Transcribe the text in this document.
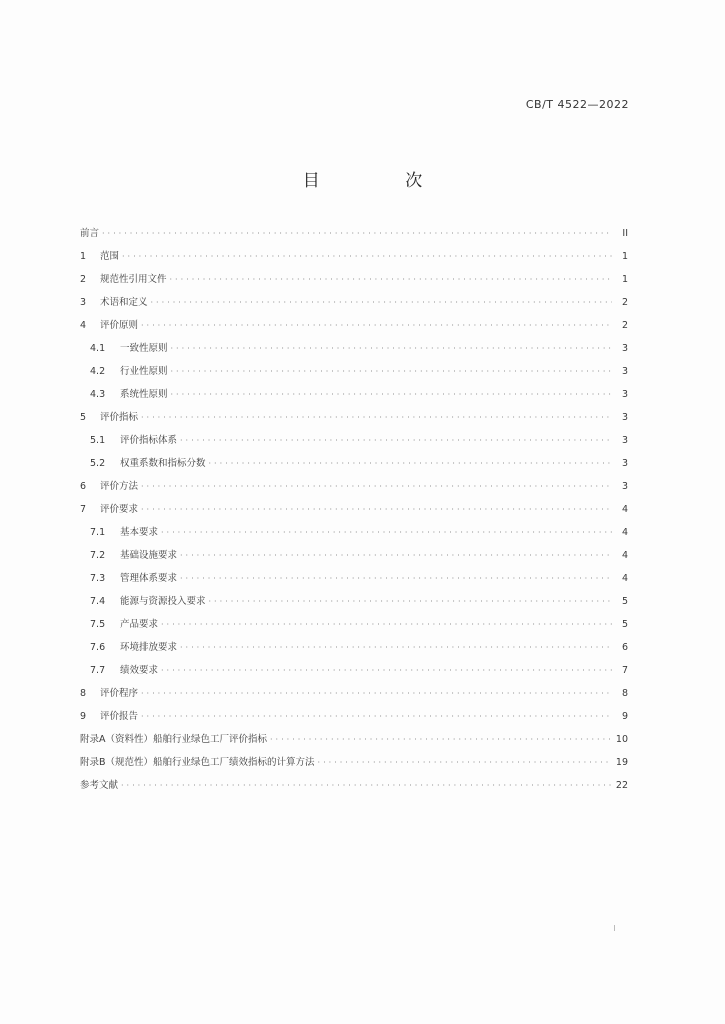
CB/T 4522—2022
目 次
前言 ·····	II
1	范围 ·····	1
2	规范性引用文件 ·····	1
3	术语和定义 ·····	2
4	评价原则 ·····	2
4.1	一致性原则 ·····	3
4.2	行业性原则 ·····	3
4.3	系统性原则 ·····	3
5	评价指标 ·····	3
5.1	评价指标体系 ·····	3
5.2	权重系数和指标分数 ·····	3
6	评价方法 ·····	3
7	评价要求 ·····	4
7.1	基本要求 ·····	4
7.2	基础设施要求 ·····	4
7.3	管理体系要求 ·····	4
7.4	能源与资源投入要求 ·····	5
7.5	产品要求 ·····	5
7.6	环境排放要求 ·····	6
7.7	绩效要求 ·····	7
8	评价程序 ·····	8
9	评价报告 ·····	9
附录A（资料性）船舶行业绿色工厂评价指标 ·····	10
附录B（规范性）船舶行业绿色工厂绩效指标的计算方法 ·····	19
参考文献 ·····	22
